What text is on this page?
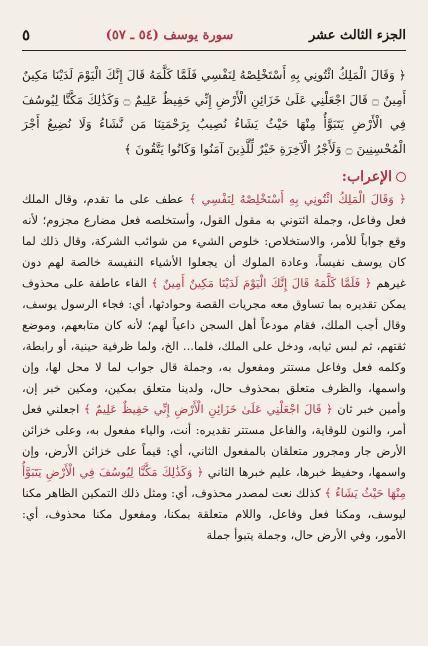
الجزء الثالث عشر
سورة يوسف (٥٤ ـ ٥٧)
٥
﴿ وَقَالَ الْمَلِكُ ائْتُونِي بِهِ أَسْتَخْلِصْهُ لِنَفْسِي فَلَمَّا كَلَّمَهُ قَالَ إِنَّكَ الْيَوْمَ لَدَيْنَا مَكِينٌ أَمِينٌ ۝ قَالَ اجْعَلْنِي عَلَىٰ خَزَائِنِ الْأَرْضِ إِنِّي حَفِيظٌ عَلِيمٌ ۝ وَكَذَٰلِكَ مَكَّنَّا لِيُوسُفَ فِي الْأَرْضِ يَتَبَوَّأُ مِنْهَا حَيْثُ يَشَاءُ نُصِيبُ بِرَحْمَتِنَا مَن نَّشَاءُ وَلَا نُضِيعُ أَجْرَ الْمُحْسِنِينَ ۝ وَلَأَجْرُ الْآخِرَةِ خَيْرٌ لِّلَّذِينَ آمَنُوا وَكَانُوا يَتَّقُونَ ﴾
الإعراب:
﴿ وَقَالَ الْمَلِكُ ائْتُونِي بِهِ أَسْتَخْلِصْهُ لِنَفْسِي ﴾ عطف على ما تقدم، وقال الملك فعل وفاعل، وجملة ائتوني به مقول القول، وأستخلصه فعل مضارع مجزوم؛ لأنه وقع جواباً للأمر، والاستخلاص: خلوص الشيء من شوائب الشركة، وقال ذلك لما كان يوسف نفيساً، وعادة الملوك أن يجعلوا الأشياء النفيسة خالصة لهم دون غيرهم ﴿ فَلَمَّا كَلَّمَهُ قَالَ إِنَّكَ الْيَوْمَ لَدَيْنَا مَكِينٌ أَمِينٌ ﴾ الفاء عاطفة على محذوف يمكن تقديره بما تساوق معه مجريات القصة وحوادثها، أي: فجاء الرسول يوسف، وقال أجب الملك، فقام مودعاً أهل السجن داعياً لهم؛ لأنه كان متابعهم، وموضع ثقتهم، ثم لبس ثيابه، ودخل على الملك، فلما... الخ، ولما ظرفية حينية، أو رابطة، وكلمه فعل وفاعل مستتر ومفعول به، وجملة قال جواب لما لا محل لها، وإن واسمها، والظرف متعلق بمحذوف حال، ولدينا متعلق بمكين، ومكين خبر إن، وأمين خبر ثان ﴿ قَالَ اجْعَلْنِي عَلَىٰ خَزَائِنِ الْأَرْضِ إِنِّي حَفِيظٌ عَلِيمٌ ﴾ اجعلني فعل أمر، والنون للوقاية، والفاعل مستتر تقديره: أنت، والياء مفعول به، وعلى خزائن الأرض جار ومجرور متعلقان بالمفعول الثاني، أي: قيماً على خزائن الأرض، وإن واسمها، وحفيظ خبرها، عليم خبرها الثاني ﴿ وَكَذَٰلِكَ مَكَّنَّا لِيُوسُفَ فِي الْأَرْضِ يَتَبَوَّأُ مِنْهَا حَيْثُ يَشَاءُ ﴾ كذلك نعت لمصدر محذوف، أي: ومثل ذلك التمكين الظاهر مكنا ليوسف، ومكنا فعل وفاعل، واللام متعلقة بمكنا، ومفعول مكنا محذوف، أي: الأمور، وفي الأرض حال، وجملة يتبوأ جملة
